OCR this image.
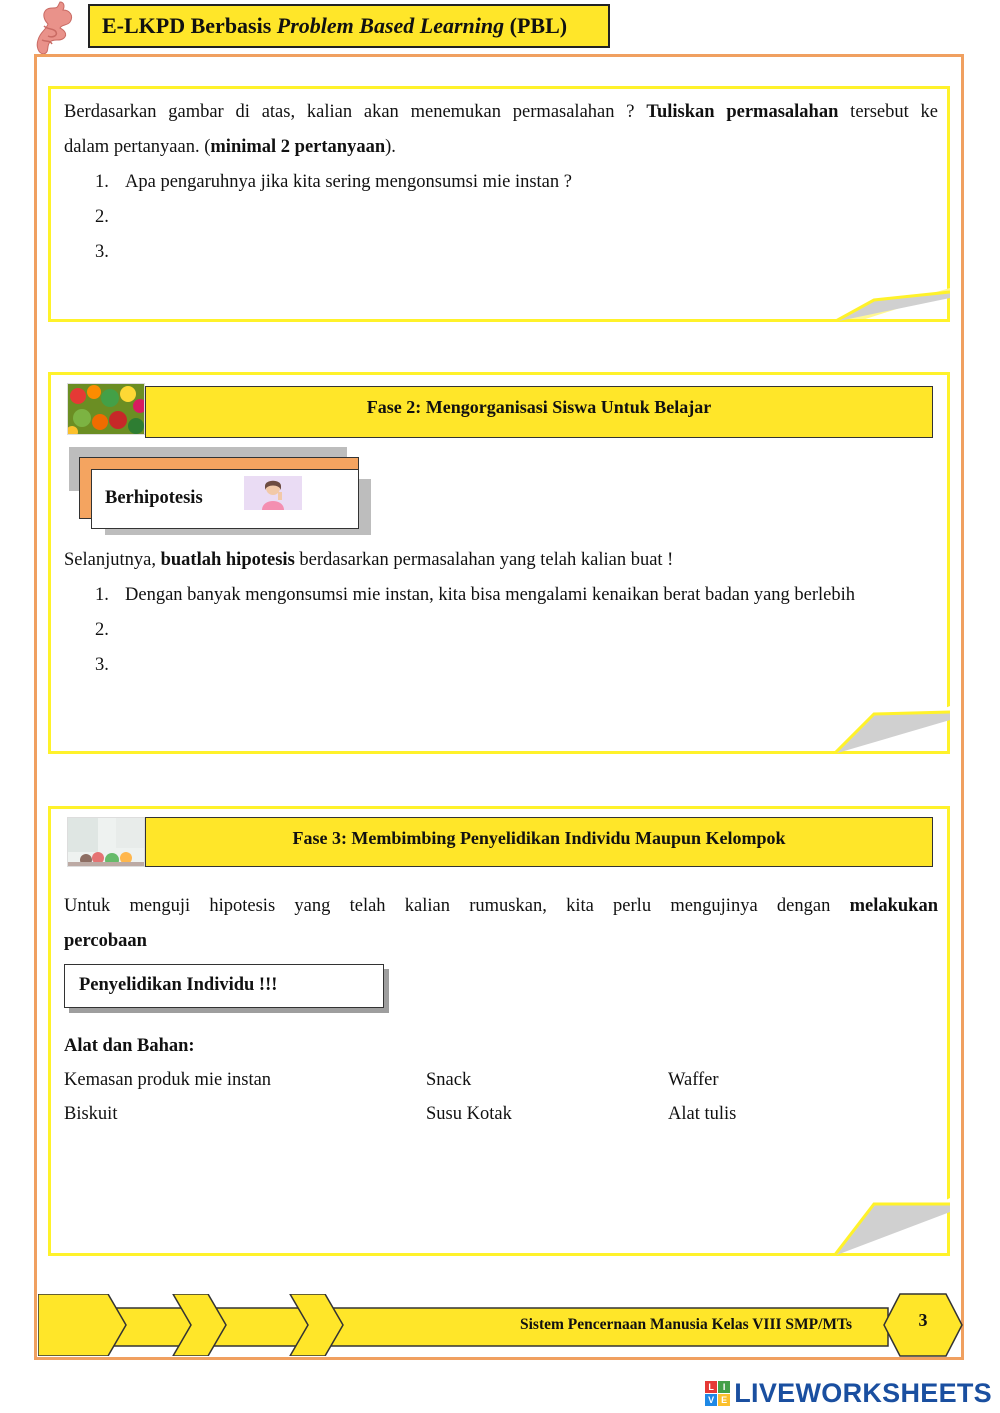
E-LKPD Berbasis Problem Based Learning (PBL)
Berdasarkan gambar di atas, kalian akan menemukan permasalahan ? Tuliskan permasalahan tersebut ke
dalam pertanyaan. (minimal 2 pertanyaan).
1. Apa pengaruhnya jika kita sering mengonsumsi mie instan ?
2.
3.
Fase 2: Mengorganisasi Siswa Untuk Belajar
Berhipotesis
Selanjutnya, buatlah hipotesis berdasarkan permasalahan yang telah kalian buat !
1. Dengan banyak mengonsumsi mie instan, kita bisa mengalami kenaikan berat badan yang berlebih
2.
3.
Fase 3: Membimbing Penyelidikan Individu Maupun Kelompok
Untuk menguji hipotesis yang telah kalian rumuskan, kita perlu mengujinya dengan melakukan
percobaan
Penyelidikan Individu !!!
Alat dan Bahan:
Kemasan produk mie instan
Biskuit
Snack
Susu Kotak
Waffer
Alat tulis
Sistem Pencernaan Manusia Kelas VIII SMP/MTs	3
L I
V E LIVEWORKSHEETS
